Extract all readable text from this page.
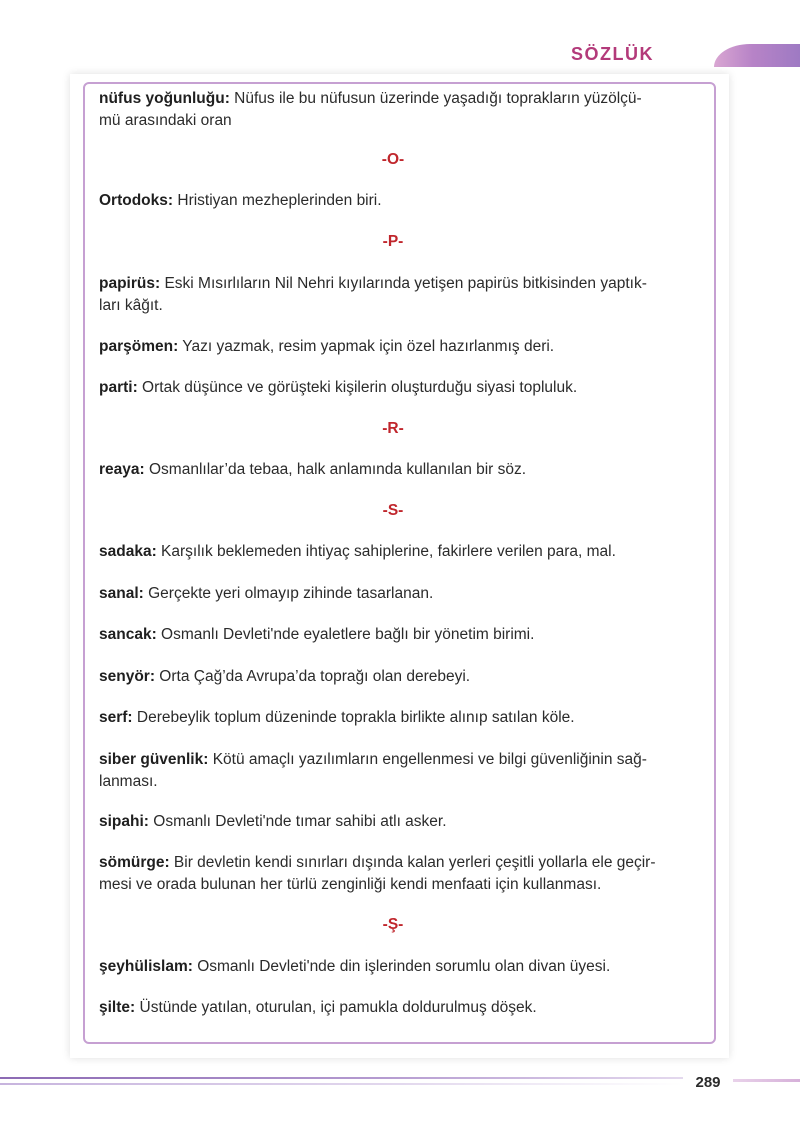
SÖZLÜK
nüfus yoğunluğu: Nüfus ile bu nüfusun üzerinde yaşadığı toprakların yüzölçü-
mü arasındaki oran
-O-
Ortodoks: Hristiyan mezheplerinden biri.
-P-
papirüs: Eski Mısırlıların Nil Nehri kıyılarında yetişen papirüs bitkisinden yaptık-
ları kâğıt.
parşömen: Yazı yazmak, resim yapmak için özel hazırlanmış deri.
parti: Ortak düşünce ve görüşteki kişilerin oluşturduğu siyasi topluluk.
-R-
reaya: Osmanlılar’da tebaa, halk anlamında kullanılan bir söz.
-S-
sadaka: Karşılık beklemeden ihtiyaç sahiplerine, fakirlere verilen para, mal.
sanal: Gerçekte yeri olmayıp zihinde tasarlanan.
sancak: Osmanlı Devleti'nde eyaletlere bağlı bir yönetim birimi.
senyör: Orta Çağ’da Avrupa’da toprağı olan derebeyi.
serf: Derebeylik toplum düzeninde toprakla birlikte alınıp satılan köle.
siber güvenlik: Kötü amaçlı yazılımların engellenmesi ve bilgi güvenliğinin sağ-
lanması.
sipahi: Osmanlı Devleti'nde tımar sahibi atlı asker.
sömürge: Bir devletin kendi sınırları dışında kalan yerleri çeşitli yollarla ele geçir-
mesi ve orada bulunan her türlü zenginliği kendi menfaati için kullanması.
-Ş-
şeyhülislam: Osmanlı Devleti'nde din işlerinden sorumlu olan divan üyesi.
şilte: Üstünde yatılan, oturulan, içi pamukla doldurulmuş döşek.
289
